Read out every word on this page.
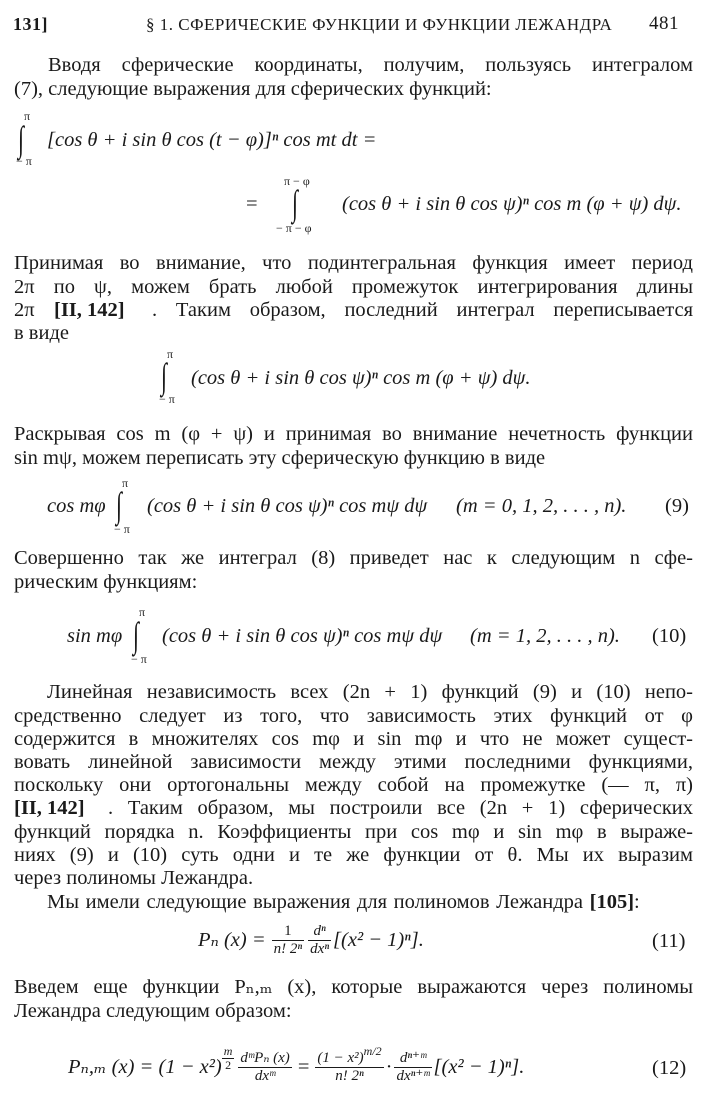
131]	§ 1. СФЕРИЧЕСКИЕ ФУНКЦИИ И ФУНКЦИИ ЛЕЖАНДРА 481
Вводя сферические координаты, получим, пользуясь интегралом
(7), следующие выражения для сферических функций:
π
∫
− π
[cos θ + i sin θ cos (t − φ)]ⁿ cos mt dt =
=
π − φ
∫
− π − φ
(cos θ + i sin θ cos ψ)ⁿ cos m (φ + ψ) dψ.
Принимая во внимание, что подинтегральная функция имеет период
2π по ψ, можем брать любой промежуток интегрирования длины
2π [II, 142] . Таким образом, последний интеграл переписывается
в виде
π
∫
− π
(cos θ + i sin θ cos ψ)ⁿ cos m (φ + ψ) dψ.
Раскрывая cos m (φ + ψ) и принимая во внимание нечетность функции
sin mψ, можем переписать эту сферическую функцию в виде
cos mφ
π
∫
− π
(cos θ + i sin θ cos ψ)ⁿ cos mψ dψ (m = 0, 1, 2, . . . , n). (9)
Совершенно так же интеграл (8) приведет нас к следующим n сфе-
рическим функциям:
sin mφ
π
∫
− π
(cos θ + i sin θ cos ψ)ⁿ cos mψ dψ (m = 1, 2, . . . , n). (10)
Линейная независимость всех (2n + 1) функций (9) и (10) непо-
средственно следует из того, что зависимость этих функций от φ
содержится в множителях cos mφ и sin mφ и что не может сущест-
вовать линейной зависимости между этими последними функциями,
поскольку они ортогональны между собой на промежутке (— π, π)
[II, 142] . Таким образом, мы построили все (2n + 1) сферических
функций порядка n. Коэффициенты при cos mφ и sin mφ в выраже-
ниях (9) и (10) суть одни и те же функции от θ. Мы их выразим
через полиномы Лежандра.
Мы имели следующие выражения для полиномов Лежандра [105] :
Pₙ $(x) = \frac{1}{\text{n! 2ⁿ}} \frac{\text{dⁿ}}{\text{dxⁿ}} [(x^2 - 1)^n]$.	(11)
Введем еще функции Pₙ,ₘ (x), которые выражаются через полиномы
Лежандра следующим образом:
Pₙ,ₘ $(x) = (1 - x^2) \frac{m}{2} \frac{\text{dᵐPₙ (x)}}{\text{dxᵐ}} = \frac{(1 - x^2)^{m/2}}{\text{n! 2ⁿ}} \cdot \frac{\text{dⁿ⁺ᵐ}}{\text{dxⁿ⁺ᵐ}} [(x^2 - 1)^n]$.	(12)
